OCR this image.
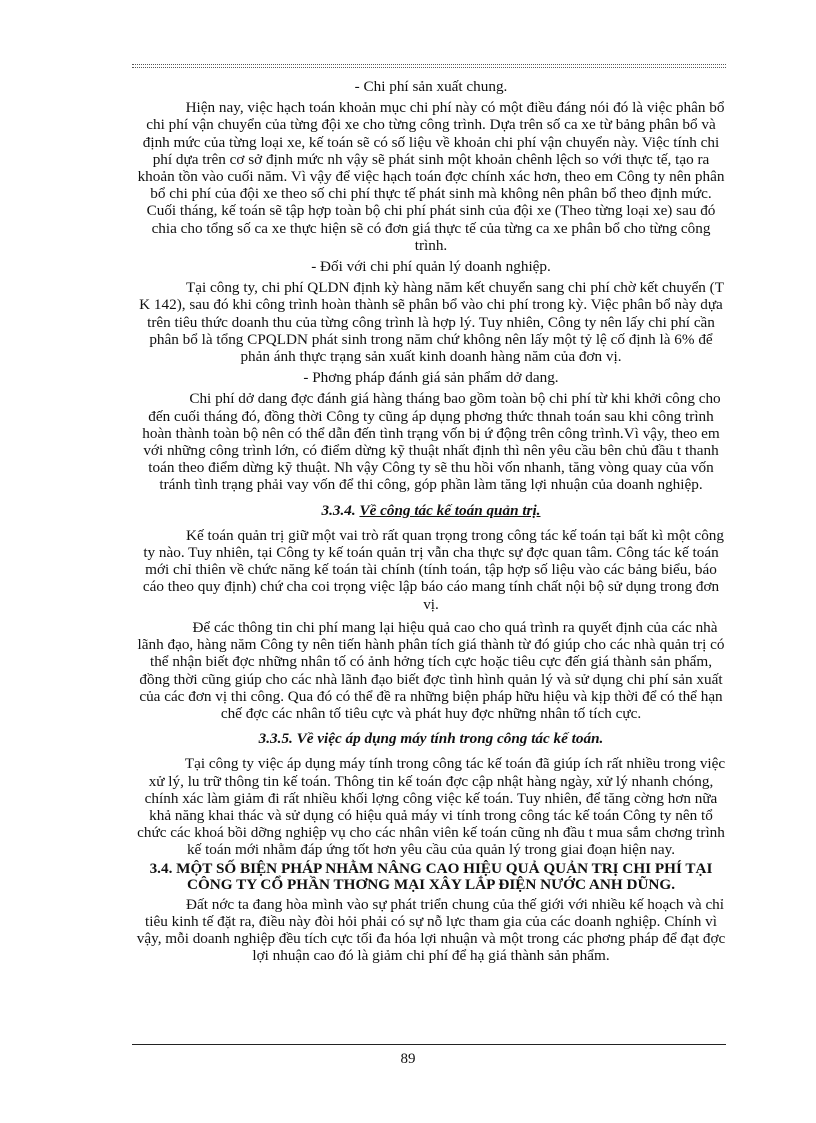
- Chi phí sản xuất chung.

Hiện nay, việc hạch toán khoản mục chi phí này có một điều đáng nói đó là việc phân bổ chi phí vận chuyển của từng đội xe cho từng công trình. Dựa trên số ca xe từ bảng phân bổ và định mức của từng loại xe, kế toán sẽ có số liệu về khoản chi phí vận chuyển này. Việc tính chi phí dựa trên cơ sở định mức nh vậy sẽ phát sinh một khoản chênh lệch so với thực tế, tạo ra khoản tồn vào cuối năm. Vì vậy để việc hạch toán đợc chính xác hơn, theo em Công ty nên phân bổ chi phí của đội xe theo số chi phí thực tế phát sinh mà không nên phân bổ theo định mức. Cuối tháng, kế toán sẽ tập hợp toàn bộ chi phí phát sinh của đội xe (Theo từng loại xe) sau đó chia cho tổng số ca xe thực hiện sẽ có đơn giá thực tế của từng ca xe phân bổ cho từng công trình.

- Đối với chi phí quản lý doanh nghiệp.

Tại công ty, chi phí QLDN định kỳ hàng năm kết chuyển sang chi phí chờ kết chuyển (T K 142), sau đó khi công trình hoàn thành sẽ phân bổ vào chi phí trong kỳ. Việc phân bổ này dựa trên tiêu thức doanh thu của từng công trình là hợp lý. Tuy nhiên, Công ty nên lấy chi phí cần phân bổ là tổng CPQLDN phát sinh trong năm chứ không nên lấy một tỷ lệ cố định là 6% để phản ánh thực trạng sản xuất kinh doanh hàng năm của đơn vị.

- Phơng pháp đánh giá sản phẩm dở dang.

Chi phí dở dang đợc đánh giá hàng tháng bao gồm toàn bộ chi phí từ khi khởi công cho đến cuối tháng đó, đồng thời Công ty cũng áp dụng phơng thức thnah toán sau khi công trình hoàn thành toàn bộ nên có thể dẫn đến tình trạng vốn bị ứ động trên công trình.Vì vậy, theo em với những công trình lớn, có điểm dừng kỹ thuật nhất định thì nên yêu cầu bên chủ đầu t thanh toán theo điểm dừng kỹ thuật. Nh vậy Công ty sẽ thu hồi vốn nhanh, tăng vòng quay của vốn tránh tình trạng phải vay vốn để thi công, góp phần làm tăng lợi nhuận của doanh nghiệp.

3.3.4. Về công tác kế toán quản trị.

Kế toán quản trị giữ một vai trò rất quan trọng trong công tác kế toán tại bất kì một công ty nào. Tuy nhiên, tại Công ty kế toán quản trị vẫn cha thực sự đợc quan tâm. Công tác kế toán mới chỉ thiên về chức năng kế toán tài chính (tính toán, tập hợp số liệu vào các bảng biểu, báo cáo theo quy định) chứ cha coi trọng việc lập báo cáo mang tính chất nội bộ sử dụng trong đơn vị.

Để các thông tin chi phí mang lại hiệu quả cao cho quá trình ra quyết định của các nhà lãnh đạo, hàng năm Công ty nên tiến hành phân tích giá thành từ đó giúp cho các nhà quản trị có thể nhận biết đợc những nhân tố có ảnh hởng tích cực hoặc tiêu cực đến giá thành sản phẩm, đồng thời cũng giúp cho các nhà lãnh đạo biết đợc tình hình quản lý và sử dụng chi phí sản xuất của các đơn vị thi công. Qua đó có thể đề ra những biện pháp hữu hiệu và kịp thời để có thể hạn chế đợc các nhân tố tiêu cực và phát huy đợc những nhân tố tích cực.

3.3.5. Về việc áp dụng máy tính trong công tác kế toán.

Tại công ty việc áp dụng máy tính trong công tác kế toán đã giúp ích rất nhiều trong việc xử lý, lu trữ thông tin kế toán. Thông tin kế toán đợc cập nhật hàng ngày, xử lý nhanh chóng, chính xác làm giảm đi rất nhiều khối lợng công việc kế toán. Tuy nhiên, để tăng cờng hơn nữa khả năng khai thác và sử dụng có hiệu quả máy vi tính trong công tác kế toán Công ty nên tổ chức các khoá bồi dỡng nghiệp vụ cho các nhân viên kế toán cũng nh đầu t mua sắm chơng trình kế toán mới nhằm đáp ứng tốt hơn yêu cầu của quản lý trong giai đoạn hiện nay.

3.4. MỘT SỐ BIỆN PHÁP NHẰM NÂNG CAO HIỆU QUẢ QUẢN TRỊ CHI PHÍ TẠI CÔNG TY CỔ PHẦN THƠNG MẠI XÂY LẮP ĐIỆN NƯỚC ANH DŨNG.

Đất nớc ta đang hòa mình vào sự phát triển chung của thế giới với nhiều kế hoạch và chỉ tiêu kinh tế đặt ra, điều này đòi hỏi phải có sự nỗ lực tham gia của các doanh nghiệp. Chính vì vậy, mỗi doanh nghiệp đều tích cực tối đa hóa lợi nhuận và một trong các phơng pháp để đạt đợc lợi nhuận cao đó là giảm chi phí để hạ giá thành sản phẩm.

89
